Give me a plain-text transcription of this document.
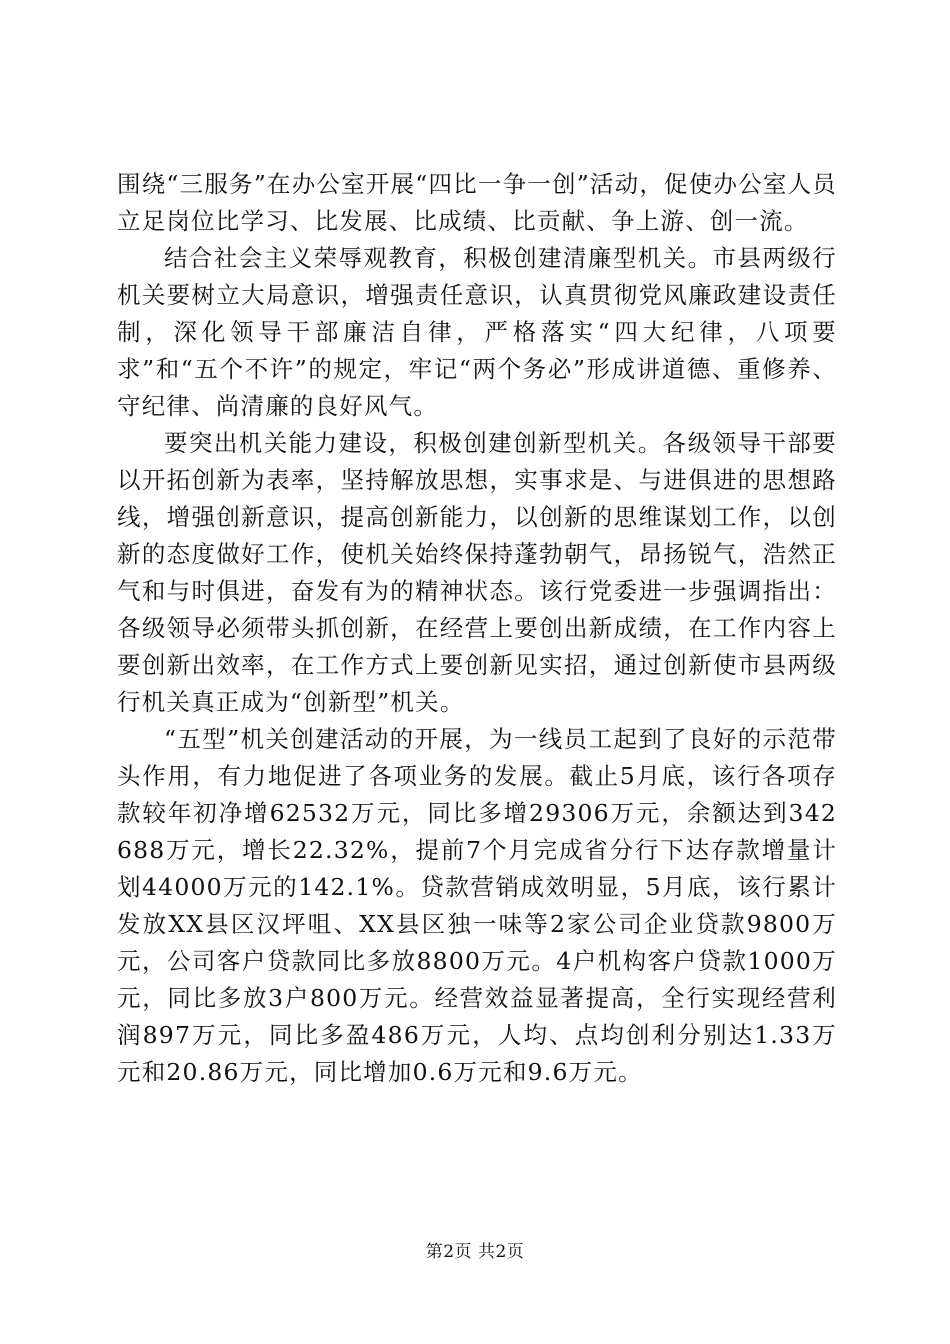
围绕“三服务”在办公室开展“四比一争一创”活动，促使办公室人员立足岗位比学习、比发展、比成绩、比贡献、争上游、创一流。

结合社会主义荣辱观教育，积极创建清廉型机关。市县两级行机关要树立大局意识，增强责任意识，认真贯彻党风廉政建设责任制，深化领导干部廉洁自律，严格落实“四大纪律，八项要求”和“五个不许”的规定，牢记“两个务必”形成讲道德、重修养、守纪律、尚清廉的良好风气。

要突出机关能力建设，积极创建创新型机关。各级领导干部要以开拓创新为表率，坚持解放思想，实事求是、与进俱进的思想路线，增强创新意识，提高创新能力，以创新的思维谋划工作，以创新的态度做好工作，使机关始终保持蓬勃朝气，昂扬锐气，浩然正气和与时俱进，奋发有为的精神状态。该行党委进一步强调指出：各级领导必须带头抓创新，在经营上要创出新成绩，在工作内容上要创新出效率，在工作方式上要创新见实招，通过创新使市县两级行机关真正成为“创新型”机关。

“五型”机关创建活动的开展，为一线员工起到了良好的示范带头作用，有力地促进了各项业务的发展。截止5月底，该行各项存款较年初净增62532万元，同比多增29306万元，余额达到342688万元，增长22.32%，提前7个月完成省分行下达存款增量计划44000万元的142.1%。贷款营销成效明显，5月底，该行累计发放XX县区汉坪咀、XX县区独一味等2家公司企业贷款9800万元，公司客户贷款同比多放8800万元。4户机构客户贷款1000万元，同比多放3户800万元。经营效益显著提高，全行实现经营利润897万元，同比多盈486万元，人均、点均创利分别达1.33万元和20.86万元，同比增加0.6万元和9.6万元。

第2页 共2页
